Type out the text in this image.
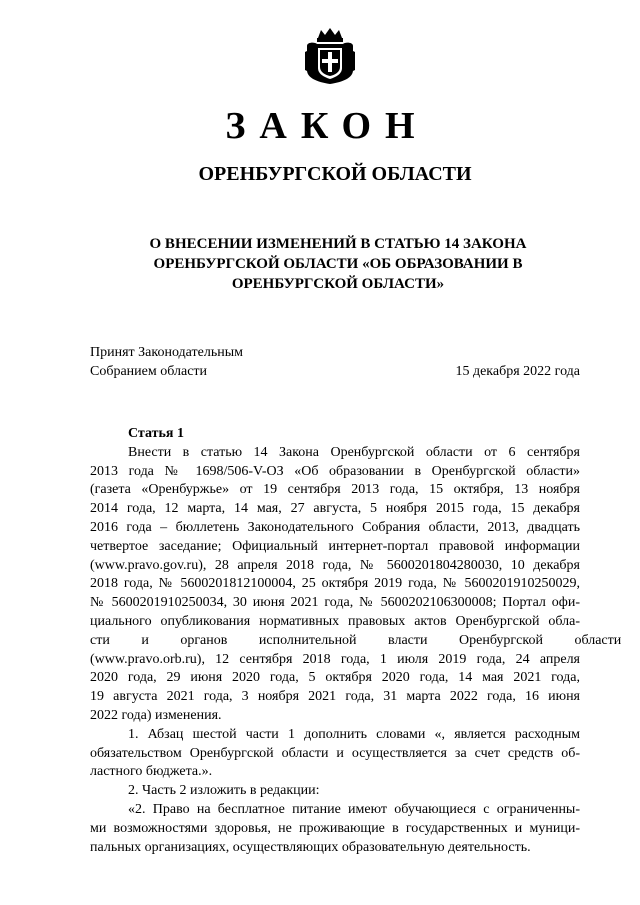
ЗАКОН
ОРЕНБУРГСКОЙ ОБЛАСТИ
О ВНЕСЕНИИ ИЗМЕНЕНИЙ В СТАТЬЮ 14 ЗАКОНА
ОРЕНБУРГСКОЙ ОБЛАСТИ «ОБ ОБРАЗОВАНИИ В
ОРЕНБУРГСКОЙ ОБЛАСТИ»
Принят Законодательным
Собранием области	15 декабря 2022 года
Статья 1

Внести в статью 14 Закона Оренбургской области от 6 сентября
2013 года № 1698/506-V-ОЗ «Об образовании в Оренбургской области»
(газета «Оренбуржье» от 19 сентября 2013 года, 15 октября, 13 ноября
2014 года, 12 марта, 14 мая, 27 августа, 5 ноября 2015 года, 15 декабря
2016 года – бюллетень Законодательного Собрания области, 2013, двадцать
четвертое заседание; Официальный интернет-портал правовой информации
(www.pravo.gov.ru), 28 апреля 2018 года, № 5600201804280030, 10 декабря
2018 года, № 5600201812100004, 25 октября 2019 года, № 5600201910250029,
№ 5600201910250034, 30 июня 2021 года, № 5600202106300008; Портал офи-
циального опубликования нормативных правовых актов Оренбургской обла-
сти и органов исполнительной власти Оренбургской области
(www.pravo.orb.ru), 12 сентября 2018 года, 1 июля 2019 года, 24 апреля
2020 года, 29 июня 2020 года, 5 октября 2020 года, 14 мая 2021 года,
19 августа 2021 года, 3 ноября 2021 года, 31 марта 2022 года, 16 июня
2022 года) изменения.

1. Абзац шестой части 1 дополнить словами «, является расходным
обязательством Оренбургской области и осуществляется за счет средств об-
ластного бюджета.».

2. Часть 2 изложить в редакции:

«2. Право на бесплатное питание имеют обучающиеся с ограниченны-
ми возможностями здоровья, не проживающие в государственных и муници-
пальных организациях, осуществляющих образовательную деятельность.
